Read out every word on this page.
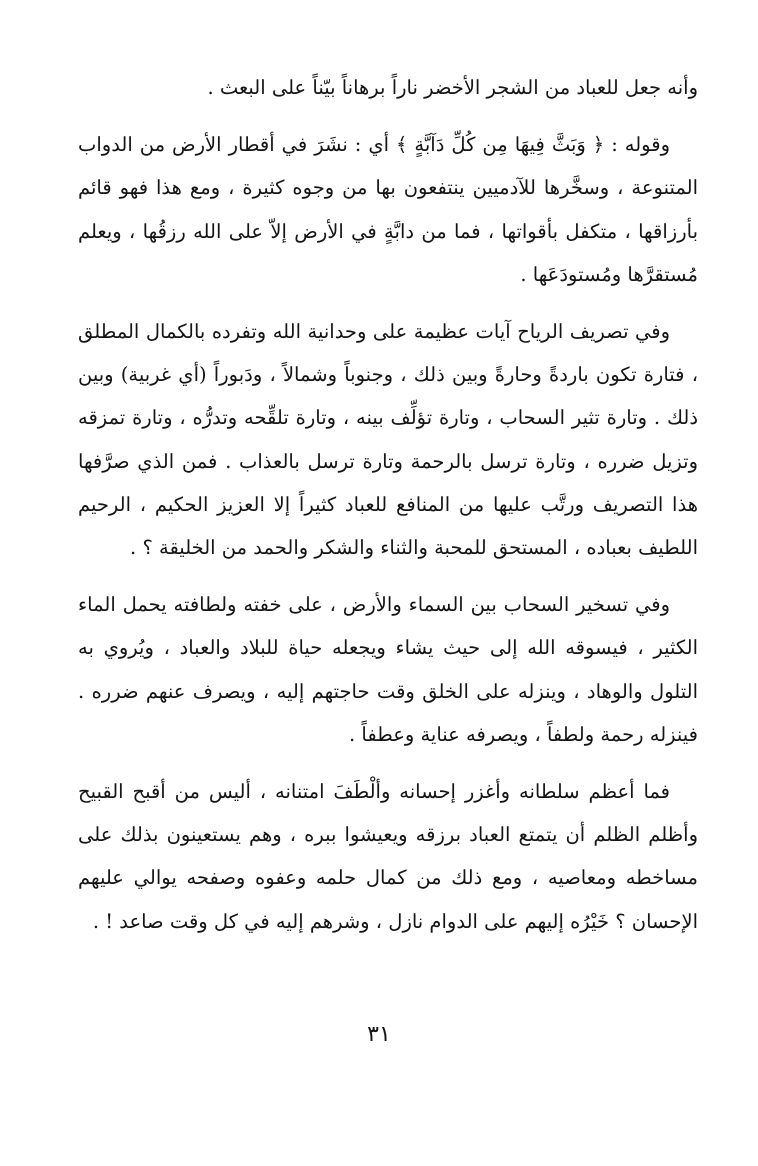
وأنه جعل للعباد من الشجر الأخضر ناراً برهاناً بيّناً على البعث .

وقوله : ﴿ وَبَثَّ فِيهَا مِن كُلِّ دَآبَّةٍ ﴾ أي : نشَرَ في أقطار الأرض من الدواب المتنوعة ، وسخَّرها للآدميين ينتفعون بها من وجوه كثيرة ، ومع هذا فهو قائم بأرزاقها ، متكفل بأقواتها ، فما من دابَّةٍ في الأرض إلاّ على الله رزقُها ، ويعلم مُستقرَّها ومُستودَعَها .

وفي تصريف الرياح آيات عظيمة على وحدانية الله وتفرده بالكمال المطلق ، فتارة تكون باردةً وحارةً وبين ذلك ، وجنوباً وشمالاً ، ودَبوراً (أي غربية) وبين ذلك . وتارة تثير السحاب ، وتارة تؤلِّف بينه ، وتارة تلقِّحه وتدرُّه ، وتارة تمزقه وتزيل ضرره ، وتارة ترسل بالرحمة وتارة ترسل بالعذاب . فمن الذي صرَّفها هذا التصريف ورتَّب عليها من المنافع للعباد كثيراً إلا العزيز الحكيم ، الرحيم اللطيف بعباده ، المستحق للمحبة والثناء والشكر والحمد من الخليقة ؟ .

وفي تسخير السحاب بين السماء والأرض ، على خفته ولطافته يحمل الماء الكثير ، فيسوقه الله إلى حيث يشاء ويجعله حياة للبلاد والعباد ، ويُروي به التلول والوهاد ، وينزله على الخلق وقت حاجتهم إليه ، ويصرف عنهم ضرره . فينزله رحمة ولطفاً ، ويصرفه عناية وعطفاً .

فما أعظم سلطانه وأغزر إحسانه وألْطَفَ امتنانه ، أليس من أقبح القبيح وأظلم الظلم أن يتمتع العباد برزقه ويعيشوا ببره ، وهم يستعينون بذلك على مساخطه ومعاصيه ، ومع ذلك من كمال حلمه وعفوه وصفحه يوالي عليهم الإحسان ؟ خَيْرُه إليهم على الدوام نازل ، وشرهم إليه في كل وقت صاعد ! .

٣١
